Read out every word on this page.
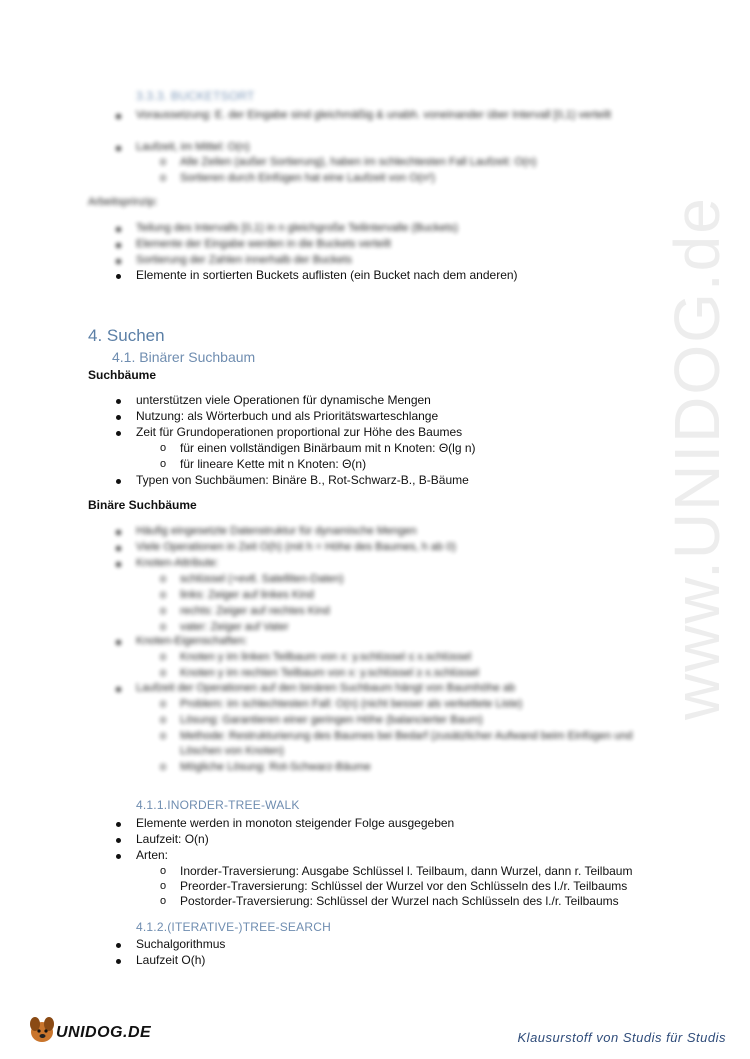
www.UNIDOG.de
3.3.3. BUCKETSORT
Voraussetzung: E. der Eingabe sind gleichmäßig & unabh. voneinander über Intervall [0,1) verteilt
Laufzeit, im Mittel: O(n)
o Alle Zeilen (außer Sortierung), haben im schlechtesten Fall Laufzeit: O(n)
o Sortieren durch Einfügen hat eine Laufzeit von O(n²)
Arbeitsprinzip:
Teilung des Intervalls [0,1) in n gleichgroße Teilintervalle (Buckets)
Elemente der Eingabe werden in die Buckets verteilt
Sortierung der Zahlen innerhalb der Buckets
Elemente in sortierten Buckets auflisten (ein Bucket nach dem anderen)
4. Suchen
4.1. Binärer Suchbaum
Suchbäume
unterstützen viele Operationen für dynamische Mengen
Nutzung: als Wörterbuch und als Prioritätswarteschlange
Zeit für Grundoperationen proportional zur Höhe des Baumes
o für einen vollständigen Binärbaum mit n Knoten: Θ(lg n)
o für lineare Kette mit n Knoten: Θ(n)
Typen von Suchbäumen: Binäre B., Rot-Schwarz-B., B-Bäume
Binäre Suchbäume
Häufig eingesetzte Datenstruktur für dynamische Mengen
Viele Operationen in Zeit O(h) (mit h = Höhe des Baumes, h ab 0)
Knoten-Attribute:
o schlüssel (+evtl. Satelliten-Daten)
o links: Zeiger auf linkes Kind
o rechts: Zeiger auf rechtes Kind
o vater: Zeiger auf Vater
Knoten-Eigenschaften:
o Knoten y im linken Teilbaum von x: y.schlüssel ≤ x.schlüssel
o Knoten y im rechten Teilbaum von x: y.schlüssel ≥ x.schlüssel
Laufzeit der Operationen auf den binären Suchbaum hängt von Baumhöhe ab
o Problem: im schlechtesten Fall: O(n) (nicht besser als verkettete Liste)
o Lösung: Garantieren einer geringen Höhe (balancierter Baum)
o Methode: Restrukturierung des Baumes bei Bedarf (zusätzlicher Aufwand beim Einfügen und
Löschen von Knoten)
o Mögliche Lösung: Rot-Schwarz-Bäume
4.1.1.INORDER-TREE-WALK
Elemente werden in monoton steigender Folge ausgegeben
Laufzeit: O(n)
Arten:
o Inorder-Traversierung: Ausgabe Schlüssel l. Teilbaum, dann Wurzel, dann r. Teilbaum
o Preorder-Traversierung: Schlüssel der Wurzel vor den Schlüsseln des l./r. Teilbaums
o Postorder-Traversierung: Schlüssel der Wurzel nach Schlüsseln des l./r. Teilbaums
4.1.2.(ITERATIVE-)TREE-SEARCH
Suchalgorithmus
Laufzeit O(h)
UNIDOG.DE	Klausurstoff von Studis für Studis
